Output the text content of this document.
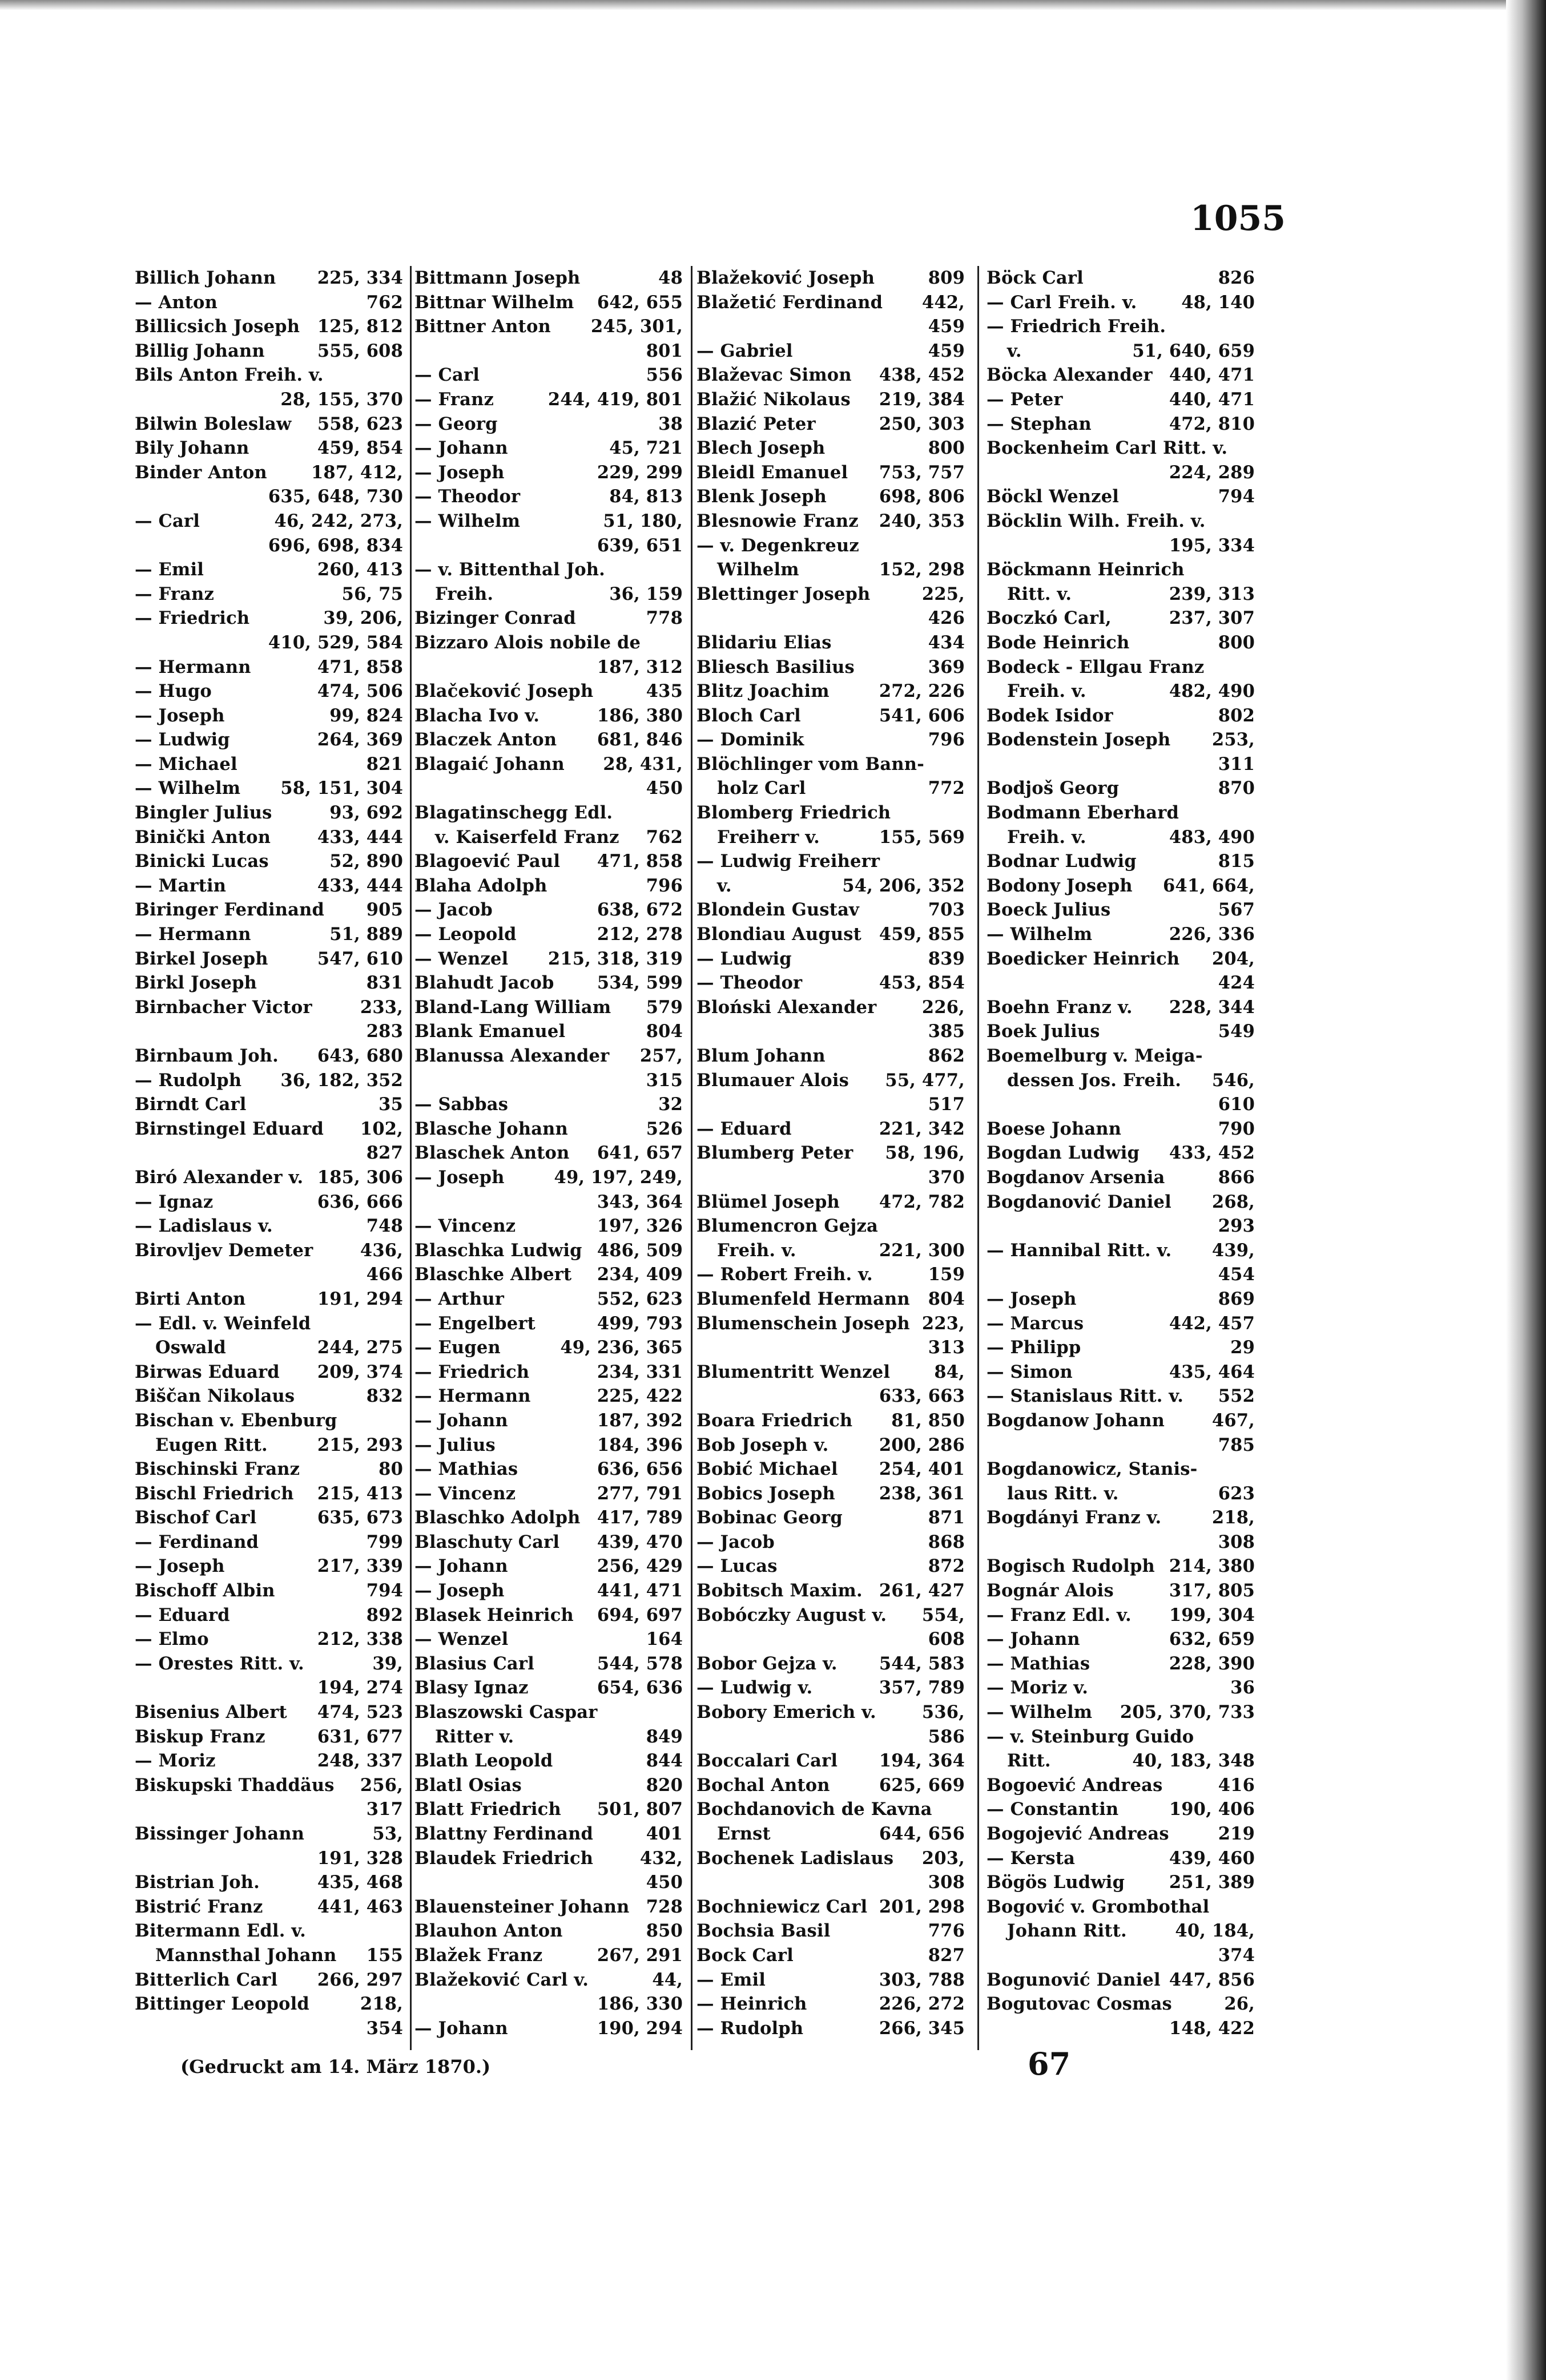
1055
Billich Johann 225, 334
— Anton	762
Billicsich Joseph 125, 812
Billig Johann	555, 608
Bils Anton Freih. v.
28, 155, 370
Bilwin Boleslaw 558, 623
Bily Johann	459, 854
Binder Anton	187, 412,
635, 648, 730
— Carl	46, 242, 273,
696, 698, 834
— Emil	260, 413
— Franz	56, 75
— Friedrich	39, 206,
410, 529, 584
— Hermann	471, 858
— Hugo	474, 506
— Joseph	99, 824
— Ludwig	264, 369
— Michael	821
— Wilhelm 58, 151, 304
Bingler Julius	93, 692
Binički Anton	433, 444
Binicki Lucas	52, 890
— Martin	433, 444
Biringer Ferdinand 905
— Hermann	51, 889
Birkel Joseph	547, 610
Birkl Joseph	831
Birnbacher Victor	233,
283
Birnbaum Joh. 643, 680
— Rudolph 36, 182, 352
Birndt Carl	35
Birnstingel Eduard 102,
827
Biró Alexander v. 185, 306
— Ignaz	636, 666
— Ladislaus v.	748
Birovljev Demeter	436,
466
Birti Anton	191, 294
— Edl. v. Weinfeld
Oswald	244, 275
Birwas Eduard 209, 374
Biščan Nikolaus	832
Bischan v. Ebenburg
Eugen Ritt.	215, 293
Bischinski Franz	80
Bischl Friedrich 215, 413
Bischof Carl	635, 673
— Ferdinand	799
— Joseph	217, 339
Bischoff Albin	794
— Eduard	892
— Elmo	212, 338
— Orestes Ritt. v.	39,
194, 274
Bisenius Albert 474, 523
Biskup Franz	631, 677
— Moriz	248, 337
Biskupski Thaddäus 256,
317
Bissinger Johann	53,
191, 328
Bistrian Joh.	435, 468
Bistrić Franz	441, 463
Bitermann Edl. v.
Mannsthal Johann 155
Bitterlich Carl 266, 297
Bittinger Leopold	218,
354
Bittmann Joseph	48
Bittnar Wilhelm 642, 655
Bittner Anton 245, 301,
801
— Carl	556
— Franz	244, 419, 801
— Georg	38
— Johann	45, 721
— Joseph	229, 299
— Theodor	84, 813
— Wilhelm	51, 180,
639, 651
— v. Bittenthal Joh.
Freih.	36, 159
Bizinger Conrad	778
Bizzaro Alois nobile de
187, 312
Blačeković Joseph	435
Blacha Ivo v.	186, 380
Blaczek Anton 681, 846
Blagaić Johann 28, 431,
450
Blagatinschegg Edl.
v. Kaiserfeld Franz 762
Blagoević Paul 471, 858
Blaha Adolph	796
— Jacob	638, 672
— Leopold	212, 278
— Wenzel 215, 318, 319
Blahudt Jacob 534, 599
Bland-Lang William 579
Blank Emanuel	804
Blanussa Alexander 257,
315
— Sabbas	32
Blasche Johann	526
Blaschek Anton 641, 657
— Joseph	49, 197, 249,
343, 364
— Vincenz	197, 326
Blaschka Ludwig 486, 509
Blaschke Albert 234, 409
— Arthur	552, 623
— Engelbert	499, 793
— Eugen	49, 236, 365
— Friedrich	234, 331
— Hermann	225, 422
— Johann	187, 392
— Julius	184, 396
— Mathias	636, 656
— Vincenz	277, 791
Blaschko Adolph 417, 789
Blaschuty Carl 439, 470
— Johann	256, 429
— Joseph	441, 471
Blasek Heinrich 694, 697
— Wenzel	164
Blasius Carl	544, 578
Blasy Ignaz	654, 636
Blaszowski Caspar
Ritter v.	849
Blath Leopold	844
Blatl Osias	820
Blatt Friedrich 501, 807
Blattny Ferdinand	401
Blaudek Friedrich	432,
450
Blauensteiner Johann 728
Blauhon Anton	850
Blažek Franz	267, 291
Blažeković Carl v.	44,
186, 330
— Johann	190, 294
Blažeković Joseph	809
Blažetić Ferdinand 442,
459
— Gabriel	459
Blaževac Simon 438, 452
Blažić Nikolaus 219, 384
Blazić Peter	250, 303
Blech Joseph	800
Bleidl Emanuel 753, 757
Blenk Joseph	698, 806
Blesnowie Franz 240, 353
— v. Degenkreuz
Wilhelm	152, 298
Blettinger Joseph	225,
426
Blidariu Elias	434
Bliesch Basilius	369
Blitz Joachim	272, 226
Bloch Carl	541, 606
— Dominik	796
Blöchlinger vom Bann-
holz Carl	772
Blomberg Friedrich
Freiherr v.	155, 569
— Ludwig Freiherr
v.	54, 206, 352
Blondein Gustav	703
Blondiau August 459, 855
— Ludwig	839
— Theodor	453, 854
Bloński Alexander	226,
385
Blum Johann	862
Blumauer Alois 55, 477,
517
— Eduard	221, 342
Blumberg Peter 58, 196,
370
Blümel Joseph 472, 782
Blumencron Gejza
Freih. v.	221, 300
— Robert Freih. v.	159
Blumenfeld Hermann 804
Blumenschein Joseph 223,
313
Blumentritt Wenzel	84,
633, 663
Boara Friedrich 81, 850
Bob Joseph v.	200, 286
Bobić Michael 254, 401
Bobics Joseph	238, 361
Bobinac Georg	871
— Jacob	868
— Lucas	872
Bobitsch Maxim. 261, 427
Bobóczky August v. 554,
608
Bobor Gejza v. 544, 583
— Ludwig v.	357, 789
Bobory Emerich v.	536,
586
Boccalari Carl 194, 364
Bochal Anton	625, 669
Bochdanovich de Kavna
Ernst	644, 656
Bochenek Ladislaus 203,
308
Bochniewicz Carl 201, 298
Bochsia Basil	776
Bock Carl	827
— Emil	303, 788
— Heinrich	226, 272
— Rudolph	266, 345
Böck Carl	826
— Carl Freih. v.	48, 140
— Friedrich Freih.
v.	51, 640, 659
Böcka Alexander 440, 471
— Peter	440, 471
— Stephan	472, 810
Bockenheim Carl Ritt. v.
224, 289
Böckl Wenzel	794
Böcklin Wilh. Freih. v.
195, 334
Böckmann Heinrich
Ritt. v.	239, 313
Boczkó Carl,	237, 307
Bode Heinrich	800
Bodeck - Ellgau Franz
Freih. v.	482, 490
Bodek Isidor	802
Bodenstein Joseph 253,
311
Bodjoš Georg	870
Bodmann Eberhard
Freih. v.	483, 490
Bodnar Ludwig	815
Bodony Joseph 641, 664,
Boeck Julius	567
— Wilhelm	226, 336
Boedicker Heinrich 204,
424
Boehn Franz v. 228, 344
Boek Julius	549
Boemelburg v. Meiga-
dessen Jos. Freih. 546,
610
Boese Johann	790
Bogdan Ludwig 433, 452
Bogdanov Arsenia	866
Bogdanović Daniel 268,
293
— Hannibal Ritt. v. 439,
454
— Joseph	869
— Marcus	442, 457
— Philipp	29
— Simon	435, 464
— Stanislaus Ritt. v. 552
Bogdanow Johann	467,
785
Bogdanowicz, Stanis-
laus Ritt. v.	623
Bogdányi Franz v.	218,
308
Bogisch Rudolph 214, 380
Bognár Alois	317, 805
— Franz Edl. v. 199, 304
— Johann	632, 659
— Mathias	228, 390
— Moriz v.	36
— Wilhelm 205, 370, 733
— v. Steinburg Guido
Ritt.	40, 183, 348
Bogoević Andreas	416
— Constantin	190, 406
Bogojević Andreas	219
— Kersta	439, 460
Bögös Ludwig	251, 389
Bogović v. Grombothal
Johann Ritt.	40, 184,
374
Bogunović Daniel 447, 856
Bogutovac Cosmas	26,
148, 422
(Gedruckt am 14. März 1870.)	67
